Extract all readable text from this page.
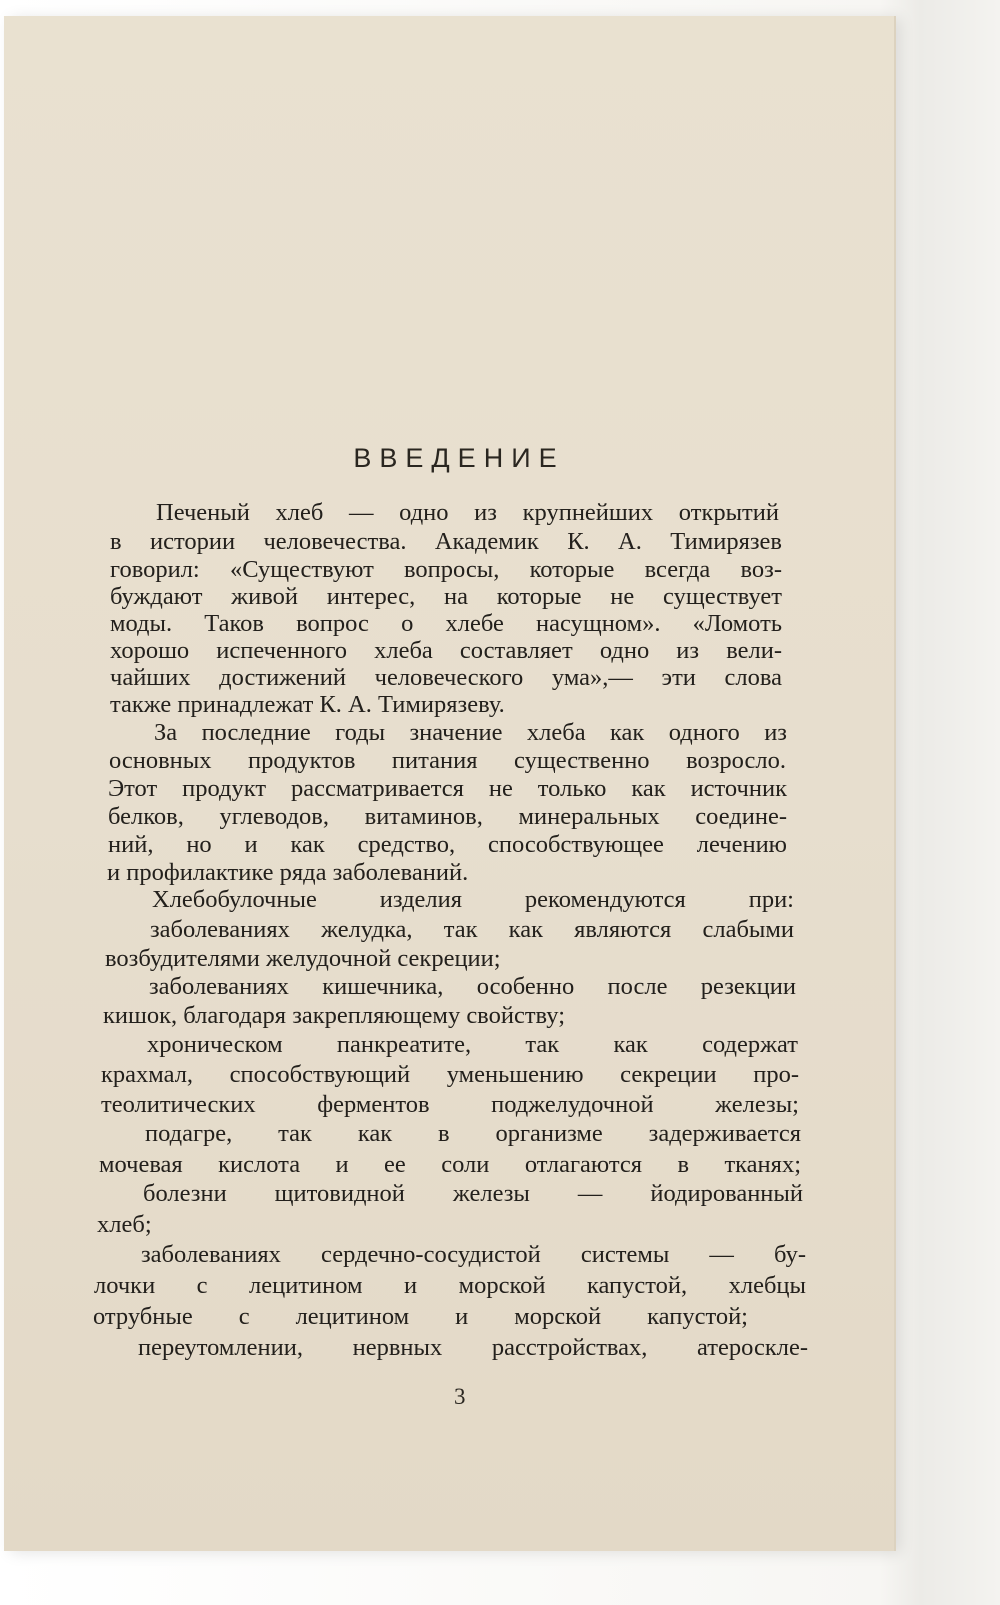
ВВЕДЕНИЕ
Печеный хлеб — одно из крупнейших открытий
в истории человечества. Академик К. А. Тимирязев
говорил: «Существуют вопросы, которые всегда воз-
буждают живой интерес, на которые не существует
моды. Таков вопрос о хлебе насущном». «Ломоть
хорошо испеченного хлеба составляет одно из вели-
чайших достижений человеческого ума»,— эти слова
также принадлежат К. А. Тимирязеву.
За последние годы значение хлеба как одного из
основных продуктов питания существенно возросло.
Этот продукт рассматривается не только как источник
белков, углеводов, витаминов, минеральных соедине-
ний, но и как средство, способствующее лечению
и профилактике ряда заболеваний.
Хлебобулочные изделия рекомендуются при:
заболеваниях желудка, так как являются слабыми
возбудителями желудочной секреции;
заболеваниях кишечника, особенно после резекции
кишок, благодаря закрепляющему свойству;
хроническом панкреатите, так как содержат
крахмал, способствующий уменьшению секреции про-
теолитических ферментов поджелудочной железы;
подагре, так как в организме задерживается
мочевая кислота и ее соли отлагаются в тканях;
болезни щитовидной железы — йодированный
хлеб;
заболеваниях сердечно-сосудистой системы — бу-
лочки с лецитином и морской капустой, хлебцы
отрубные с лецитином и морской капустой;
переутомлении, нервных расстройствах, атероскле-
3
